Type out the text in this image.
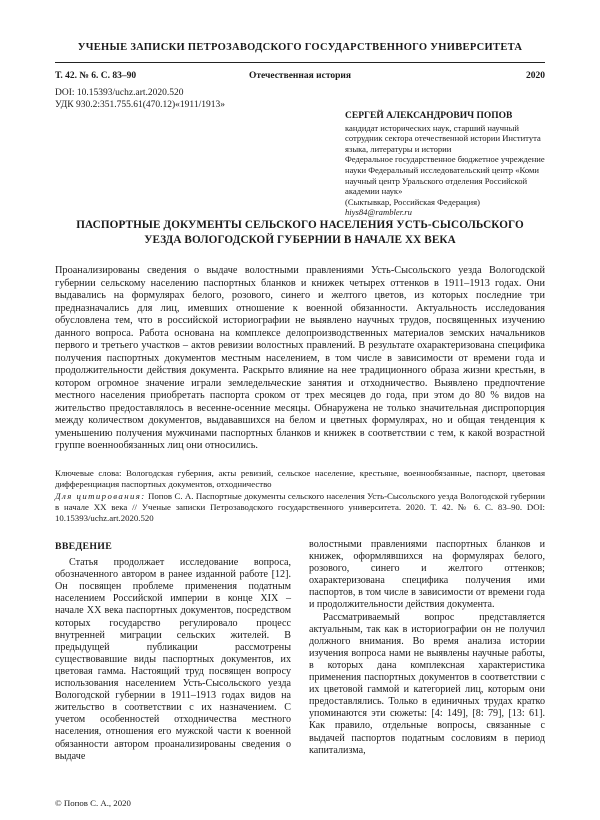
УЧЕНЫЕ ЗАПИСКИ ПЕТРОЗАВОДСКОГО ГОСУДАРСТВЕННОГО УНИВЕРСИТЕТА
Т. 42. № 6. С. 83–90	Отечественная история	2020
DOI: 10.15393/uchz.art.2020.520
УДК 930.2:351.755.61(470.12)«1911/1913»
СЕРГЕЙ АЛЕКСАНДРОВИЧ ПОПОВ
кандидат исторических наук, старший научный сотрудник сектора отечественной истории Института языка, литературы и истории
Федеральное государственное бюджетное учреждение науки Федеральный исследовательский центр «Коми научный центр Уральского отделения Российской академии наук»
(Сыктывкар, Российская Федерация)
hiys84@rambler.ru
ПАСПОРТНЫЕ ДОКУМЕНТЫ СЕЛЬСКОГО НАСЕЛЕНИЯ УСТЬ-СЫСОЛЬСКОГО УЕЗДА ВОЛОГОДСКОЙ ГУБЕРНИИ В НАЧАЛЕ XX ВЕКА
Проанализированы сведения о выдаче волостными правлениями Усть-Сысольского уезда Вологодской губернии сельскому населению паспортных бланков и книжек четырех оттенков в 1911–1913 годах. Они выдавались на формулярах белого, розового, синего и желтого цветов, из которых последние три предназначались для лиц, имевших отношение к военной обязанности. Актуальность исследования обусловлена тем, что в российской историографии не выявлено научных трудов, посвященных изучению данного вопроса. Работа основана на комплексе делопроизводственных материалов земских начальников первого и третьего участков – актов ревизии волостных правлений. В результате охарактеризована специфика получения паспортных документов местным населением, в том числе в зависимости от времени года и продолжительности действия документа. Раскрыто влияние на нее традиционного образа жизни крестьян, в котором огромное значение играли земледельческие занятия и отходничество. Выявлено предпочтение местного населения приобретать паспорта сроком от трех месяцев до года, при этом до 80 % видов на жительство предоставлялось в весенне-осенние месяцы. Обнаружена не только значительная диспропорция между количеством документов, выдававшихся на белом и цветных формулярах, но и общая тенденция к уменьшению получения мужчинами паспортных бланков и книжек в соответствии с тем, к какой возрастной группе военнообязанных лиц они относились.
Ключевые слова: Вологодская губерния, акты ревизий, сельское население, крестьяне, военнообязанные, паспорт, цветовая дифференциация паспортных документов, отходничество
Для цитирования: Попов С. А. Паспортные документы сельского населения Усть-Сысольского уезда Вологодской губернии в начале XX века // Ученые записки Петрозаводского государственного университета. 2020. Т. 42. № 6. С. 83–90. DOI: 10.15393/uchz.art.2020.520
ВВЕДЕНИЕ

Статья продолжает исследование вопроса, обозначенного автором в ранее изданной работе [12]. Он посвящен проблеме применения податным населением Российской империи в конце XIX – начале XX века паспортных документов, посредством которых государство регулировало процесс внутренней миграции сельских жителей. В предыдущей публикации рассмотрены существовавшие виды паспортных документов, их цветовая гамма. Настоящий труд посвящен вопросу использования населением Усть-Сысольского уезда Вологодской губернии в 1911–1913 годах видов на жительство в соответствии с их назначением. С учетом особенностей отходничества местного населения, отношения его мужской части к военной обязанности автором проанализированы сведения о выдаче

волостными правлениями паспортных бланков и книжек, оформлявшихся на формулярах белого, розового, синего и желтого оттенков; охарактеризована специфика получения ими паспортов, в том числе в зависимости от времени года и продолжительности действия документа.

Рассматриваемый вопрос представляется актуальным, так как в историографии он не получил должного внимания. Во время анализа истории изучения вопроса нами не выявлены научные работы, в которых дана комплексная характеристика применения паспортных документов в соответствии с их цветовой гаммой и категорией лиц, которым они предоставлялись. Только в единичных трудах кратко упоминаются эти сюжеты: [4: 149], [8: 79], [13: 61]. Как правило, отдельные вопросы, связанные с выдачей паспортов податным сословиям в период капитализма,

© Попов С. А., 2020
